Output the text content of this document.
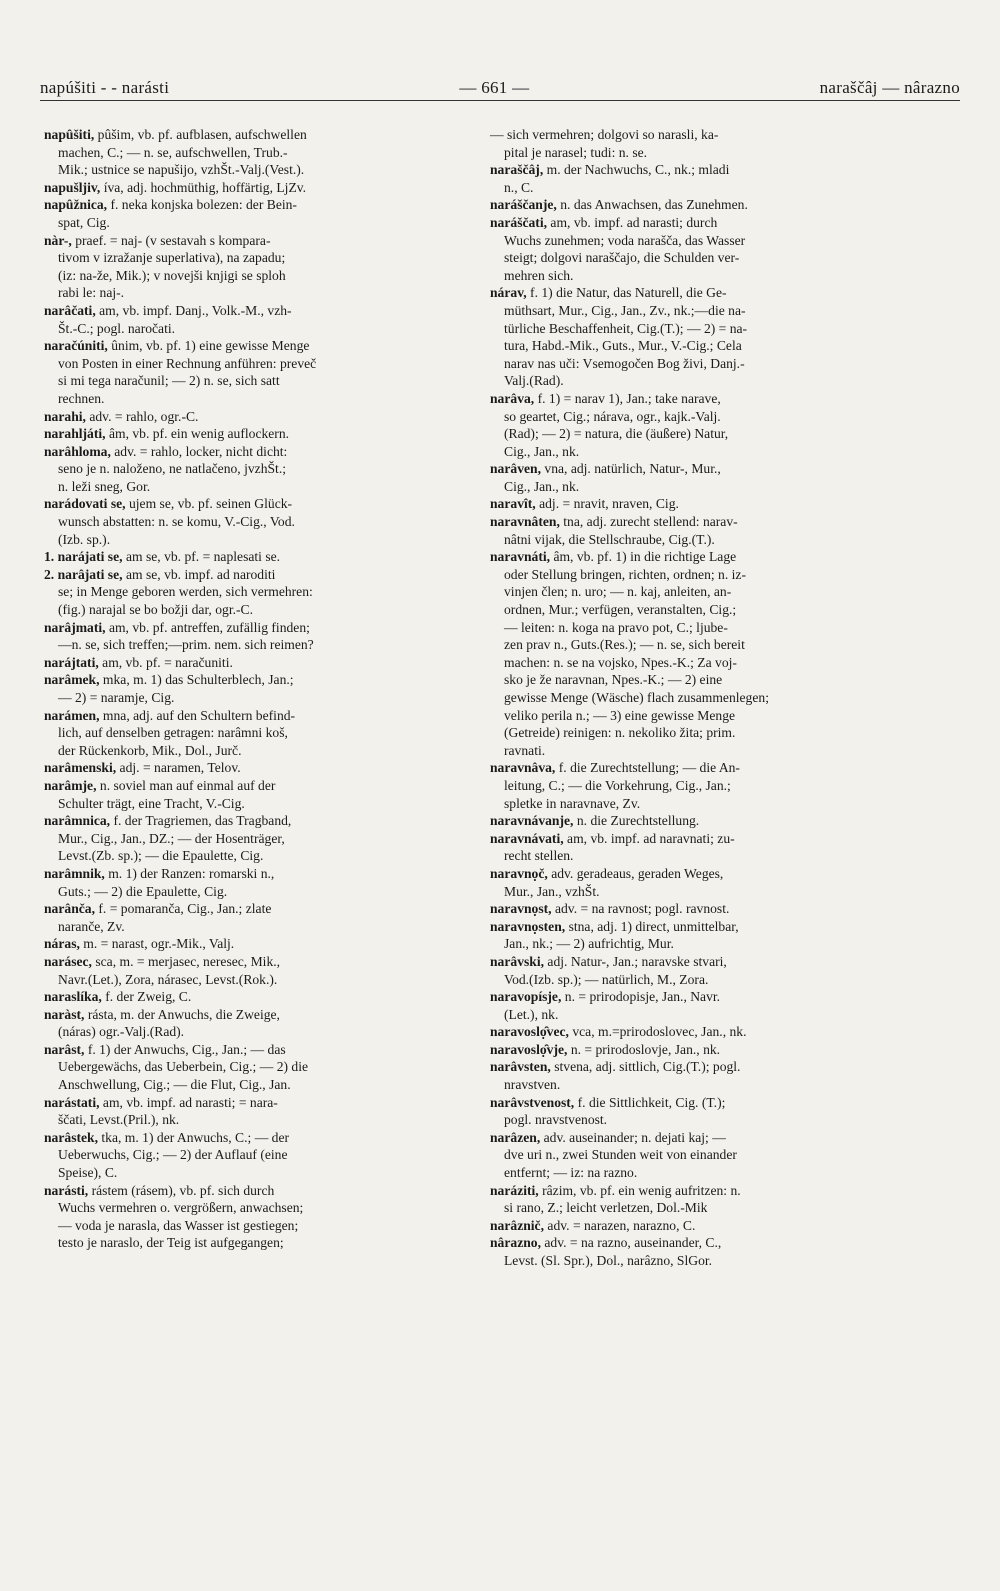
napúšiti - - narásti	— 661 —	naraščâj — nârazno
napûšiti, pûšim, vb. pf. aufblasen, aufschwellen
machen, C.; — n. se, aufschwellen, Trub.-
Mik.; ustnice se napušijo, vzhŠt.-Valj.(Vest.).
napušljiv, íva, adj. hochmüthig, hoffärtig, LjZv.
napûžnica, f. neka konjska bolezen: der Bein-
spat, Cig.
nàr-, praef. = naj- (v sestavah s kompara-
tivom v izražanje superlativa), na zapadu;
(iz: na-že, Mik.); v novejši knjigi se sploh
rabi le: naj-.
narâčati, am, vb. impf. Danj., Volk.-M., vzh-
Št.-C.; pogl. naročati.
naračúniti, ûnim, vb. pf. 1) eine gewisse Menge
von Posten in einer Rechnung anführen: preveč
si mi tega naračunil; — 2) n. se, sich satt
rechnen.
narahi, adv. = rahlo, ogr.-C.
narahljáti, âm, vb. pf. ein wenig auflockern.
narâhloma, adv. = rahlo, locker, nicht dicht:
seno je n. naloženo, ne natlačeno, jvzhŠt.;
n. leži sneg, Gor.
narádovati se, ujem se, vb. pf. seinen Glück-
wunsch abstatten: n. se komu, V.-Cig., Vod.
(Izb. sp.).
1. narájati se, am se, vb. pf. = naplesati se.
2. narâjati se, am se, vb. impf. ad naroditi
se; in Menge geboren werden, sich vermehren:
(fig.) narajal se bo božji dar, ogr.-C.
narâjmati, am, vb. pf. antreffen, zufällig finden;
—n. se, sich treffen;—prim. nem. sich reimen?
narájtati, am, vb. pf. = naračuniti.
narâmek, mka, m. 1) das Schulterblech, Jan.;
— 2) = naramje, Cig.
narámen, mna, adj. auf den Schultern befind-
lich, auf denselben getragen: narâmni koš,
der Rückenkorb, Mik., Dol., Jurč.
narâmenski, adj. = naramen, Telov.
narâmje, n. soviel man auf einmal auf der
Schulter trägt, eine Tracht, V.-Cig.
narâmnica, f. der Tragriemen, das Tragband,
Mur., Cig., Jan., DZ.; — der Hosenträger,
Levst.(Zb. sp.); — die Epaulette, Cig.
narâmnik, m. 1) der Ranzen: romarski n.,
Guts.; — 2) die Epaulette, Cig.
narânča, f. = pomaranča, Cig., Jan.; zlate
naranče, Zv.
náras, m. = narast, ogr.-Mik., Valj.
narásec, sca, m. = merjasec, neresec, Mik.,
Navr.(Let.), Zora, nárasec, Levst.(Rok.).
naraslíka, f. der Zweig, C.
naràst, rásta, m. der Anwuchs, die Zweige,
(náras) ogr.-Valj.(Rad).
narâst, f. 1) der Anwuchs, Cig., Jan.; — das
Uebergewächs, das Ueberbein, Cig.; — 2) die
Anschwellung, Cig.; — die Flut, Cig., Jan.
narástati, am, vb. impf. ad narasti; = nara-
ščati, Levst.(Pril.), nk.
narâstek, tka, m. 1) der Anwuchs, C.; — der
Ueberwuchs, Cig.; — 2) der Auflauf (eine
Speise), C.
narásti, rástem (rásem), vb. pf. sich durch
Wuchs vermehren o. vergrößern, anwachsen;
— voda je narasla, das Wasser ist gestiegen;
testo je naraslo, der Teig ist aufgegangen;
— sich vermehren; dolgovi so narasli, ka-
pital je narasel; tudi: n. se.
naraščâj, m. der Nachwuchs, C., nk.; mladi
n., C.
naráščanje, n. das Anwachsen, das Zunehmen.
naráščati, am, vb. impf. ad narasti; durch
Wuchs zunehmen; voda narašča, das Wasser
steigt; dolgovi naraščajo, die Schulden ver-
mehren sich.
nárav, f. 1) die Natur, das Naturell, die Ge-
müthsart, Mur., Cig., Jan., Zv., nk.;—die na-
türliche Beschaffenheit, Cig.(T.); — 2) = na-
tura, Habd.-Mik., Guts., Mur., V.-Cig.; Cela
narav nas uči: Vsemogočen Bog živi, Danj.-
Valj.(Rad).
narâva, f. 1) = narav 1), Jan.; take narave,
so geartet, Cig.; nárava, ogr., kajk.-Valj.
(Rad); — 2) = natura, die (äußere) Natur,
Cig., Jan., nk.
narâven, vna, adj. natürlich, Natur-, Mur.,
Cig., Jan., nk.
naravît, adj. = nravit, nraven, Cig.
naravnâten, tna, adj. zurecht stellend: narav-
nâtni vijak, die Stellschraube, Cig.(T.).
naravnáti, âm, vb. pf. 1) in die richtige Lage
oder Stellung bringen, richten, ordnen; n. iz-
vinjen člen; n. uro; — n. kaj, anleiten, an-
ordnen, Mur.; verfügen, veranstalten, Cig.;
— leiten: n. koga na pravo pot, C.; ljube-
zen prav n., Guts.(Res.); — n. se, sich bereit
machen: n. se na vojsko, Npes.-K.; Za voj-
sko je že naravnan, Npes.-K.; — 2) eine
gewisse Menge (Wäsche) flach zusammenlegen;
veliko perila n.; — 3) eine gewisse Menge
(Getreide) reinigen: n. nekoliko žita; prim.
ravnati.
naravnâva, f. die Zurechtstellung; — die An-
leitung, C.; — die Vorkehrung, Cig., Jan.;
spletke in naravnave, Zv.
naravnávanje, n. die Zurechtstellung.
naravnávati, am, vb. impf. ad naravnati; zu-
recht stellen.
naravnọč, adv. geradeaus, geraden Weges,
Mur., Jan., vzhŠt.
naravnọst, adv. = na ravnost; pogl. ravnost.
naravnọsten, stna, adj. 1) direct, unmittelbar,
Jan., nk.; — 2) aufrichtig, Mur.
narâvski, adj. Natur-, Jan.; naravske stvari,
Vod.(Izb. sp.); — natürlich, M., Zora.
naravopísje, n. = prirodopisje, Jan., Navr.
(Let.), nk.
naravoslọ̑vec, vca, m.=prirodoslovec, Jan., nk.
naravoslọ̑vje, n. = prirodoslovje, Jan., nk.
narâvsten, stvena, adj. sittlich, Cig.(T.); pogl.
nravstven.
narâvstvenost, f. die Sittlichkeit, Cig. (T.);
pogl. nravstvenost.
narâzen, adv. auseinander; n. dejati kaj; —
dve uri n., zwei Stunden weit von einander
entfernt; — iz: na razno.
naráziti, râzim, vb. pf. ein wenig aufritzen: n.
si rano, Z.; leicht verletzen, Dol.-Mik
narâznič, adv. = narazen, narazno, C.
nârazno, adv. = na razno, auseinander, C.,
Levst. (Sl. Spr.), Dol., narâzno, SlGor.
